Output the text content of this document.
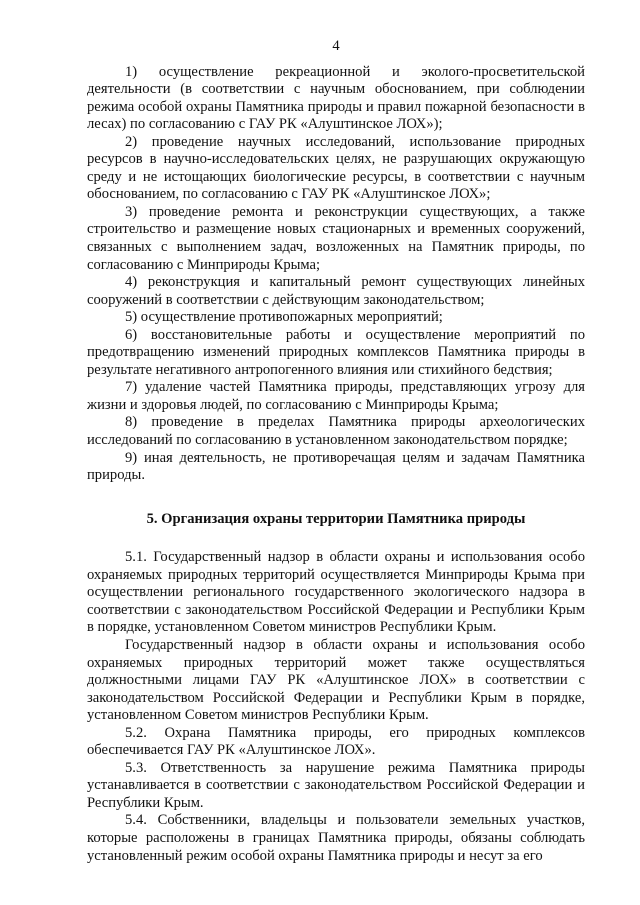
4

1) осуществление рекреационной и эколого-просветительской деятельности (в соответствии с научным обоснованием, при соблюдении режима особой охраны Памятника природы и правил пожарной безопасности в лесах) по согласованию с ГАУ РК «Алуштинское ЛОХ»);

2) проведение научных исследований, использование природных ресурсов в научно-исследовательских целях, не разрушающих окружающую среду и не истощающих биологические ресурсы, в соответствии с научным обоснованием, по согласованию с ГАУ РК «Алуштинское ЛОХ»;

3) проведение ремонта и реконструкции существующих, а также строительство и размещение новых стационарных и временных сооружений, связанных с выполнением задач, возложенных на Памятник природы, по согласованию с Минприроды Крыма;

4) реконструкция и капитальный ремонт существующих линейных сооружений в соответствии с действующим законодательством;

5) осуществление противопожарных мероприятий;

6) восстановительные работы и осуществление мероприятий по предотвращению изменений природных комплексов Памятника природы в результате негативного антропогенного влияния или стихийного бедствия;

7) удаление частей Памятника природы, представляющих угрозу для жизни и здоровья людей, по согласованию с Минприроды Крыма;

8) проведение в пределах Памятника природы археологических исследований по согласованию в установленном законодательством порядке;

9) иная деятельность, не противоречащая целям и задачам Памятника природы.

5. Организация охраны территории Памятника природы

5.1. Государственный надзор в области охраны и использования особо охраняемых природных территорий осуществляется Минприроды Крыма при осуществлении регионального государственного экологического надзора в соответствии с законодательством Российской Федерации и Республики Крым в порядке, установленном Советом министров Республики Крым.

Государственный надзор в области охраны и использования особо охраняемых природных территорий может также осуществляться должностными лицами ГАУ РК «Алуштинское ЛОХ» в соответствии с законодательством Российской Федерации и Республики Крым в порядке, установленном Советом министров Республики Крым.

5.2. Охрана Памятника природы, его природных комплексов обеспечивается ГАУ РК «Алуштинское ЛОХ».

5.3. Ответственность за нарушение режима Памятника природы устанавливается в соответствии с законодательством Российской Федерации и Республики Крым.

5.4. Собственники, владельцы и пользователи земельных участков, которые расположены в границах Памятника природы, обязаны соблюдать установленный режим особой охраны Памятника природы и несут за его
